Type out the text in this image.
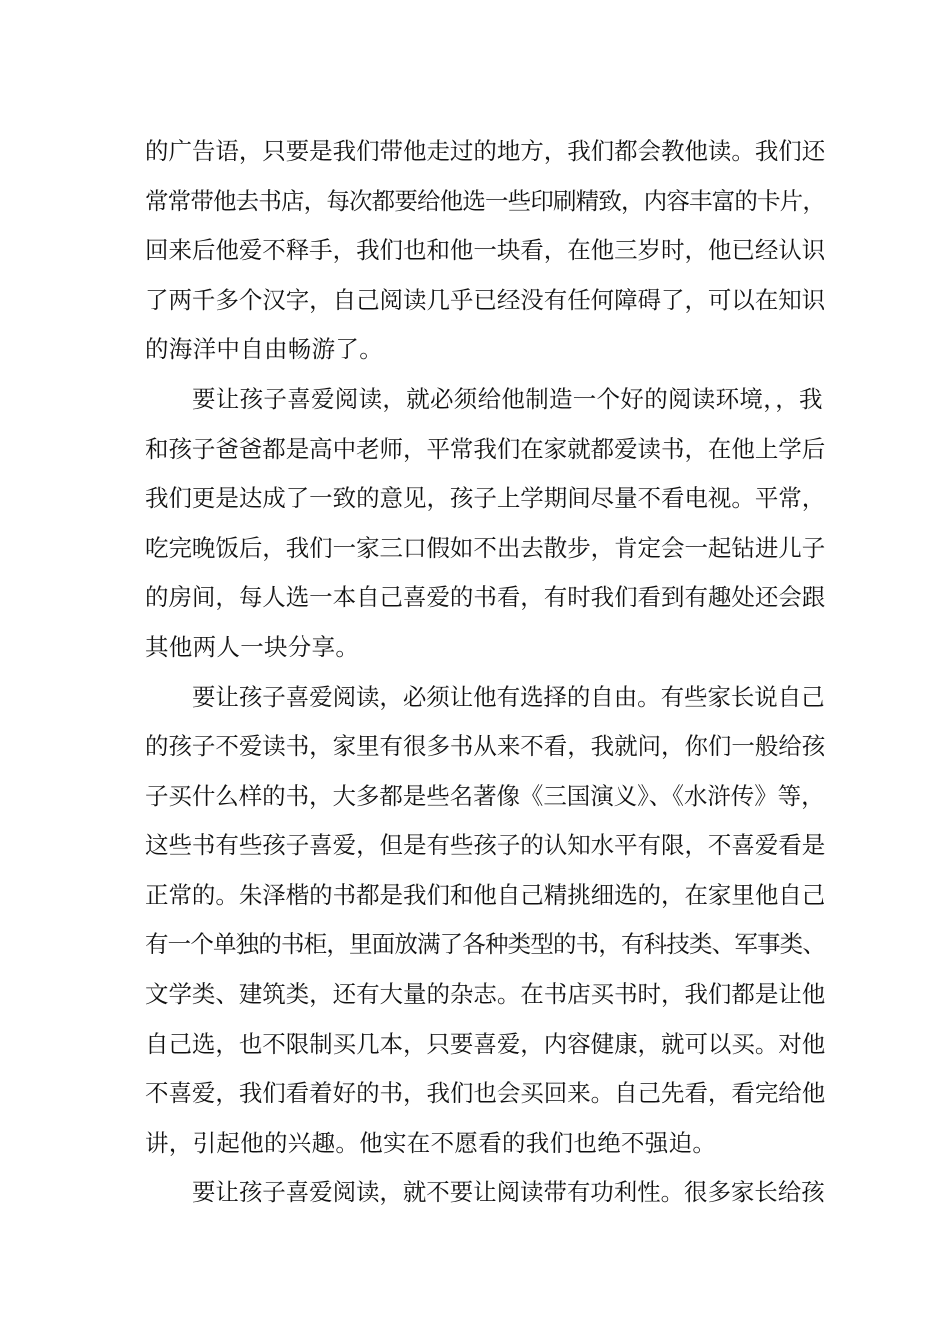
的广告语，只要是我们带他走过的地方，我们都会教他读。我们还
常常带他去书店，每次都要给他选一些印刷精致，内容丰富的卡片，
回来后他爱不释手，我们也和他一块看，在他三岁时，他已经认识
了两千多个汉字，自己阅读几乎已经没有任何障碍了，可以在知识
的海洋中自由畅游了。
要让孩子喜爱阅读，就必须给他制造一个好的阅读环境，，我
和孩子爸爸都是高中老师，平常我们在家就都爱读书，在他上学后
我们更是达成了一致的意见，孩子上学期间尽量不看电视。平常，
吃完晚饭后，我们一家三口假如不出去散步，肯定会一起钻进儿子
的房间，每人选一本自己喜爱的书看，有时我们看到有趣处还会跟
其他两人一块分享。
要让孩子喜爱阅读，必须让他有选择的自由。有些家长说自己
的孩子不爱读书，家里有很多书从来不看，我就问，你们一般给孩
子买什么样的书，大多都是些名著像《三国演义》、《水浒传》等，
这些书有些孩子喜爱，但是有些孩子的认知水平有限，不喜爱看是
正常的。朱泽楷的书都是我们和他自己精挑细选的，在家里他自己
有一个单独的书柜，里面放满了各种类型的书，有科技类、军事类、
文学类、建筑类，还有大量的杂志。在书店买书时，我们都是让他
自己选，也不限制买几本，只要喜爱，内容健康，就可以买。对他
不喜爱，我们看着好的书，我们也会买回来。自己先看，看完给他
讲，引起他的兴趣。他实在不愿看的我们也绝不强迫。
要让孩子喜爱阅读，就不要让阅读带有功利性。很多家长给孩
